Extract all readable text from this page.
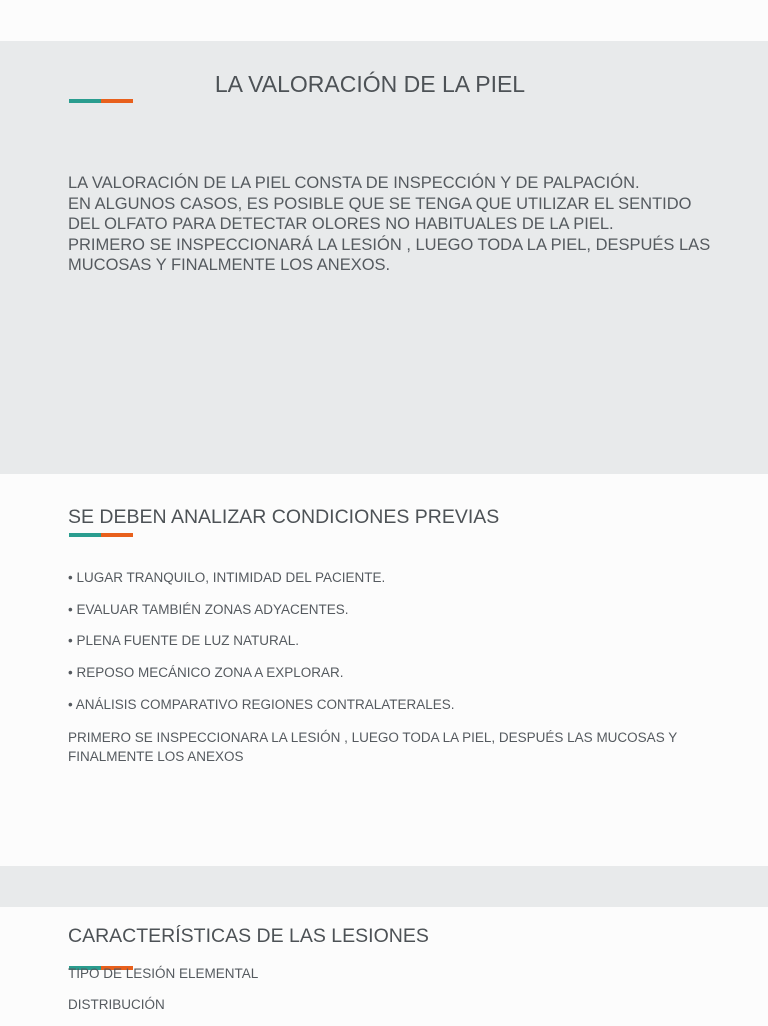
LA VALORACIÓN DE LA PIEL
LA VALORACIÓN DE LA PIEL CONSTA DE INSPECCIÓN Y DE PALPACIÓN.
EN ALGUNOS CASOS, ES POSIBLE QUE SE TENGA QUE UTILIZAR EL SENTIDO
DEL OLFATO PARA DETECTAR OLORES NO HABITUALES DE LA PIEL.
PRIMERO SE INSPECCIONARÁ LA LESIÓN , LUEGO TODA LA PIEL, DESPUÉS LAS
MUCOSAS Y FINALMENTE LOS ANEXOS.
SE DEBEN ANALIZAR CONDICIONES PREVIAS
• LUGAR TRANQUILO, INTIMIDAD DEL PACIENTE.
• EVALUAR TAMBIÉN ZONAS ADYACENTES.
• PLENA FUENTE DE LUZ NATURAL.
• REPOSO MECÁNICO ZONA A EXPLORAR.
• ANÁLISIS COMPARATIVO REGIONES CONTRALATERALES.
PRIMERO SE INSPECCIONARA LA LESIÓN , LUEGO TODA LA PIEL, DESPUÉS LAS MUCOSAS Y
FINALMENTE LOS ANEXOS
CARACTERÍSTICAS DE LAS LESIONES
TIPO DE LESIÓN ELEMENTAL
DISTRIBUCIÓN
